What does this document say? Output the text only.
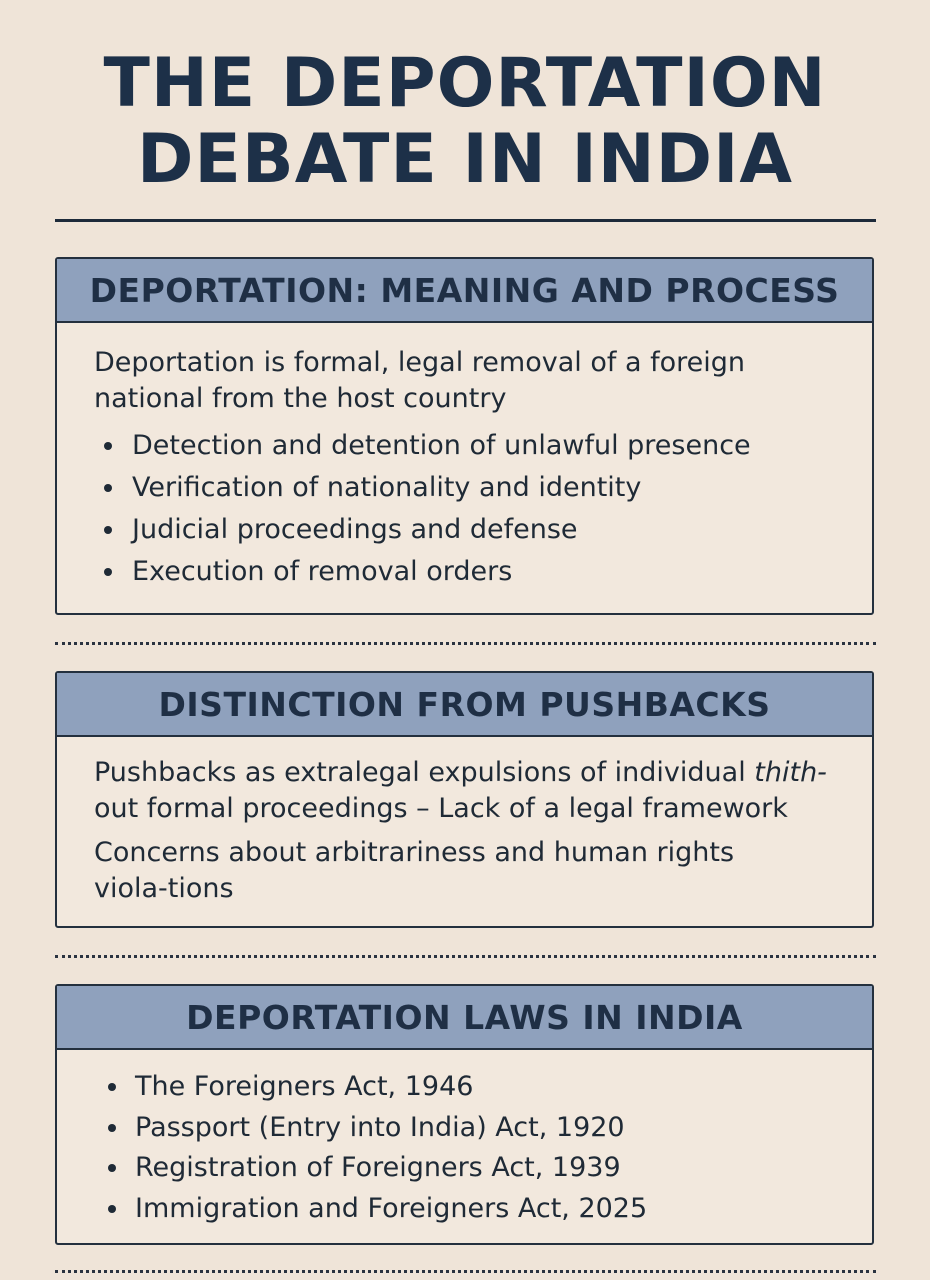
THE DEPORTATION
DEBATE IN INDIA
DEPORTATION: MEANING AND PROCESS

Deportation is formal, legal removal of a foreign national from the host country

Detection and detention of unlawful presence
Verification of nationality and identity
Judicial proceedings and defense
Execution of removal orders
DISTINCTION FROM PUSHBACKS

Pushbacks as extralegal expulsions of individual thith-
out formal proceedings – Lack of a legal framework

Concerns about arbitrariness and human rights viola-tions

DEPORTATION LAWS IN INDIA
The Foreigners Act, 1946
Passport (Entry into India) Act, 1920
Registration of Foreigners Act, 1939
Immigration and Foreigners Act, 2025
